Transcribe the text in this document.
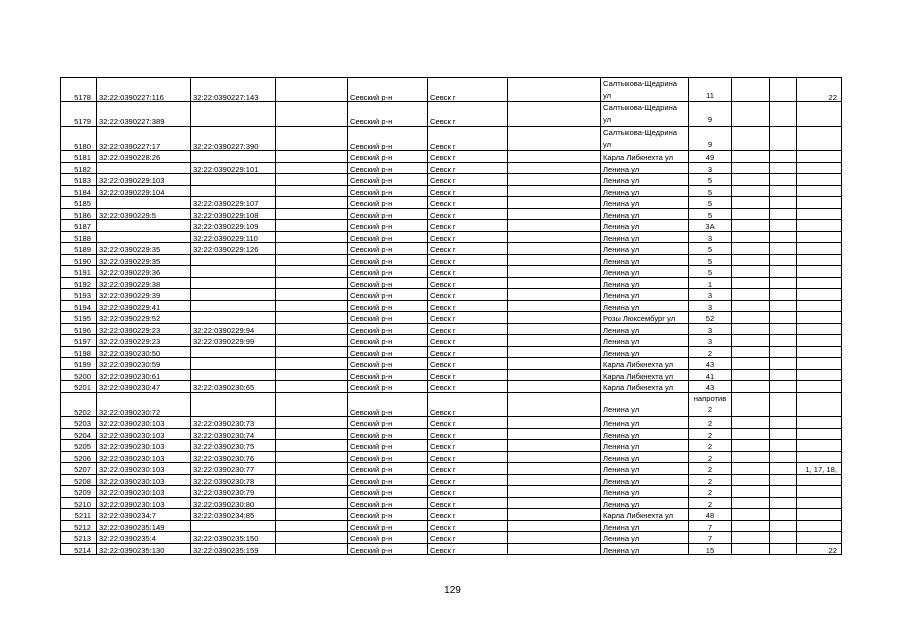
5178	32:22:0390227:116	32:22:0390227:143		Севский р-н	Севск г		Салтыкова-Щедрина ул	11			22
5179	32:22:0390227:389			Севский р-н	Севск г		Салтыкова-Щедрина ул	9			
5180	32:22:0390227:17	32:22:0390227:390		Севский р-н	Севск г		Салтыкова-Щедрина ул	9			
5181	32:22:0390228:26			Севский р-н	Севск г		Карла Либкнехта ул	49			
5182		32:22:0390229:101		Севский р-н	Севск г		Ленина ул	3			
5183	32:22:0390229:103			Севский р-н	Севск г		Ленина ул	5			
5184	32:22:0390229:104			Севский р-н	Севск г		Ленина ул	5			
5185		32:22:0390229:107		Севский р-н	Севск г		Ленина ул	5			
5186	32:22:0390229:5	32:22:0390229:108		Севский р-н	Севск г		Ленина ул	5			
5187		32:22:0390229:109		Севский р-н	Севск г		Ленина ул	3А			
5188		32:22:0390229:110		Севский р-н	Севск г		Ленина ул	3			
5189	32:22:0390229:35	32:22:0390229:126		Севский р-н	Севск г		Ленина ул	5			
5190	32:22:0390229:35			Севский р-н	Севск г		Ленина ул	5			
5191	32:22:0390229:36			Севский р-н	Севск г		Ленина ул	5			
5192	32:22:0390229:38			Севский р-н	Севск г		Ленина ул	1			
5193	32:22:0390229:39			Севский р-н	Севск г		Ленина ул	3			
5194	32:22:0390229:41			Севский р-н	Севск г		Ленина ул	3			
5195	32:22:0390229:52			Севский р-н	Севск г		Розы Люксембург ул	52			
5196	32:22:0390229:23	32:22:0390229:94		Севский р-н	Севск г		Ленина ул	3			
5197	32:22:0390229:23	32:22:0390229:99		Севский р-н	Севск г		Ленина ул	3			
5198	32:22:0390230:50			Севский р-н	Севск г		Ленина ул	2			
5199	32:22:0390230:59			Севский р-н	Севск г		Карла Либкнехта ул	43			
5200	32:22:0390230:61			Севский р-н	Севск г		Карла Либкнехта ул	41			
5201	32:22:0390230:47	32:22:0390230:65		Севский р-н	Севск г		Карла Либкнехта ул	43			
5202	32:22:0390230:72			Севский р-н	Севск г		Ленина ул	напротив 2			
5203	32:22:0390230:103	32:22:0390230:73		Севский р-н	Севск г		Ленина ул	2			
5204	32:22:0390230:103	32:22:0390230:74		Севский р-н	Севск г		Ленина ул	2			
5205	32:22:0390230:103	32:22:0390230:75		Севский р-н	Севск г		Ленина ул	2			
5206	32:22:0390230:103	32:22:0390230:76		Севский р-н	Севск г		Ленина ул	2			
5207	32:22:0390230:103	32:22:0390230:77		Севский р-н	Севск г		Ленина ул	2			1, 17, 18,
5208	32:22:0390230:103	32:22:0390230:78		Севский р-н	Севск г		Ленина ул	2			
5209	32:22:0390230:103	32:22:0390230:79		Севский р-н	Севск г		Ленина ул	2			
5210	32:22:0390230:103	32:22:0390230:80		Севский р-н	Севск г		Ленина ул	2			
5211	32:22:0390234:7	32:22:0390234:85		Севский р-н	Севск г		Карла Либкнехта ул	48			
5212	32:22:0390235:149			Севский р-н	Севск г		Ленина ул	7			
5213	32:22:0390235:4	32:22:0390235:150		Севский р-н	Севск г		Ленина ул	7			
5214	32:22:0390235:130	32:22:0390235:159		Севский р-н	Севск г		Ленина ул	15			22
129
